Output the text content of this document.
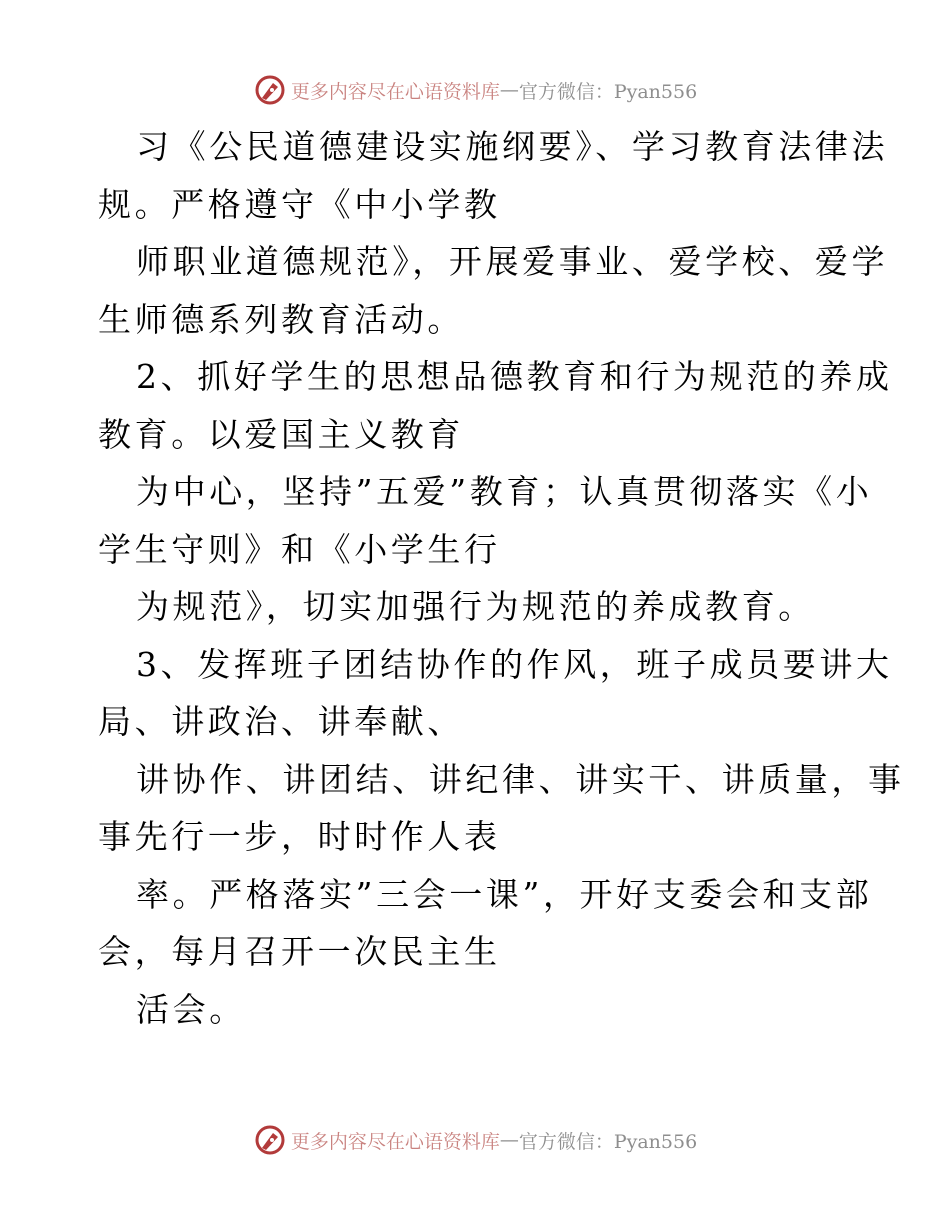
更多内容尽在心语资料库 — 官方微信：Pyan556
习《公民道德建设实施纲要》、学习教育法律法
规。严格遵守《中小学教
师职业道德规范》，开展爱事业、爱学校、爱学
生师德系列教育活动。
2、抓好学生的思想品德教育和行为规范的养成
教育。以爱国主义教育
为中心，坚持”五爱”教育；认真贯彻落实《小
学生守则》和《小学生行
为规范》，切实加强行为规范的养成教育。
3、发挥班子团结协作的作风，班子成员要讲大
局、讲政治、讲奉献、
讲协作、讲团结、讲纪律、讲实干、讲质量，事
事先行一步，时时作人表
率。严格落实”三会一课”，开好支委会和支部
会，每月召开一次民主生
活会。
更多内容尽在心语资料库 — 官方微信：Pyan556
